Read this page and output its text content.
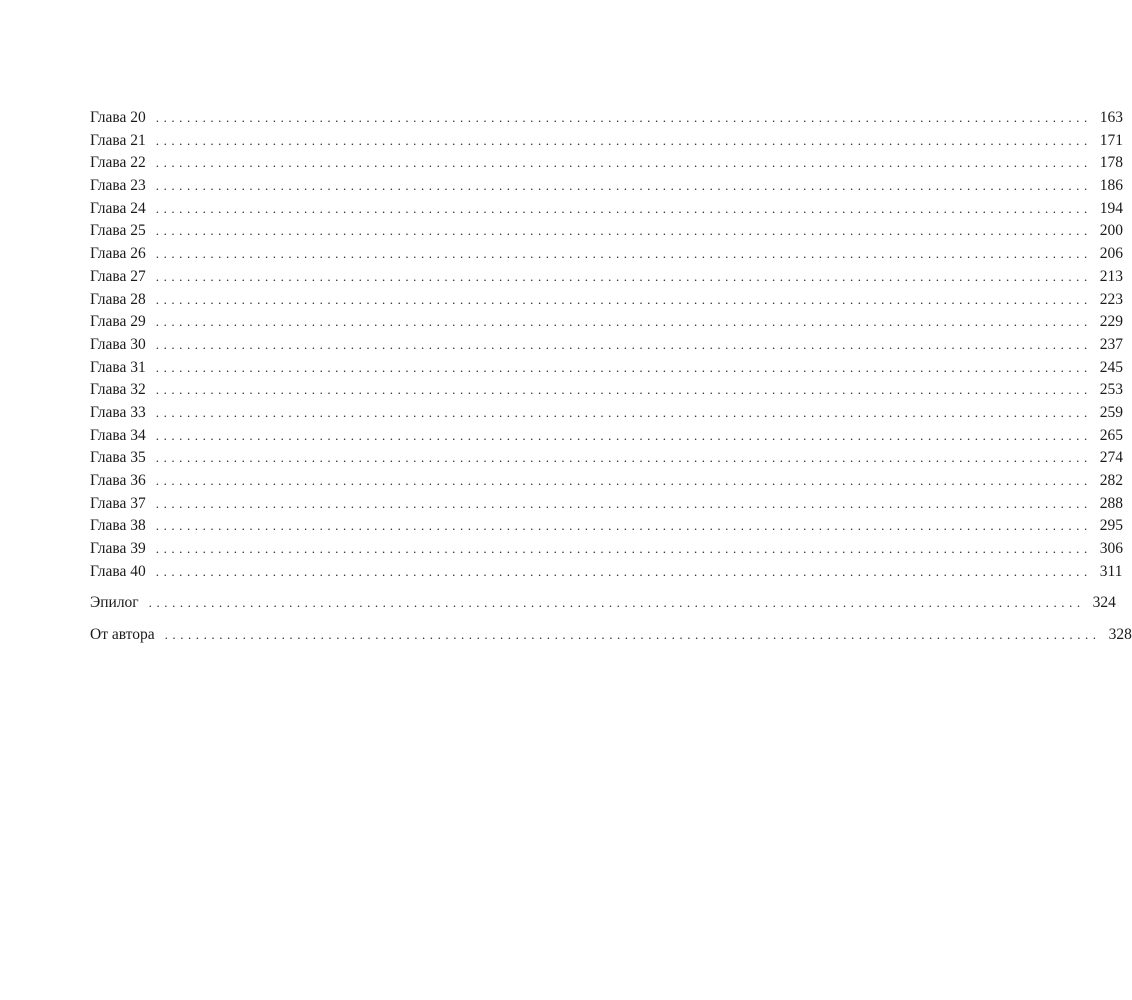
Глава 20 ........................................................................................................................ 163
Глава 21 ........................................................................................................................ 171
Глава 22 ........................................................................................................................ 178
Глава 23 ........................................................................................................................ 186
Глава 24 ........................................................................................................................ 194
Глава 25 ........................................................................................................................ 200
Глава 26 ........................................................................................................................ 206
Глава 27 ........................................................................................................................ 213
Глава 28 ........................................................................................................................ 223
Глава 29 ........................................................................................................................ 229
Глава 30 ........................................................................................................................ 237
Глава 31 ........................................................................................................................ 245
Глава 32 ........................................................................................................................ 253
Глава 33 ........................................................................................................................ 259
Глава 34 ........................................................................................................................ 265
Глава 35 ........................................................................................................................ 274
Глава 36 ........................................................................................................................ 282
Глава 37 ........................................................................................................................ 288
Глава 38 ........................................................................................................................ 295
Глава 39 ........................................................................................................................ 306
Глава 40 ........................................................................................................................ 311
Эпилог ........................................................................................................................ 324
От автора ........................................................................................................................ 328
